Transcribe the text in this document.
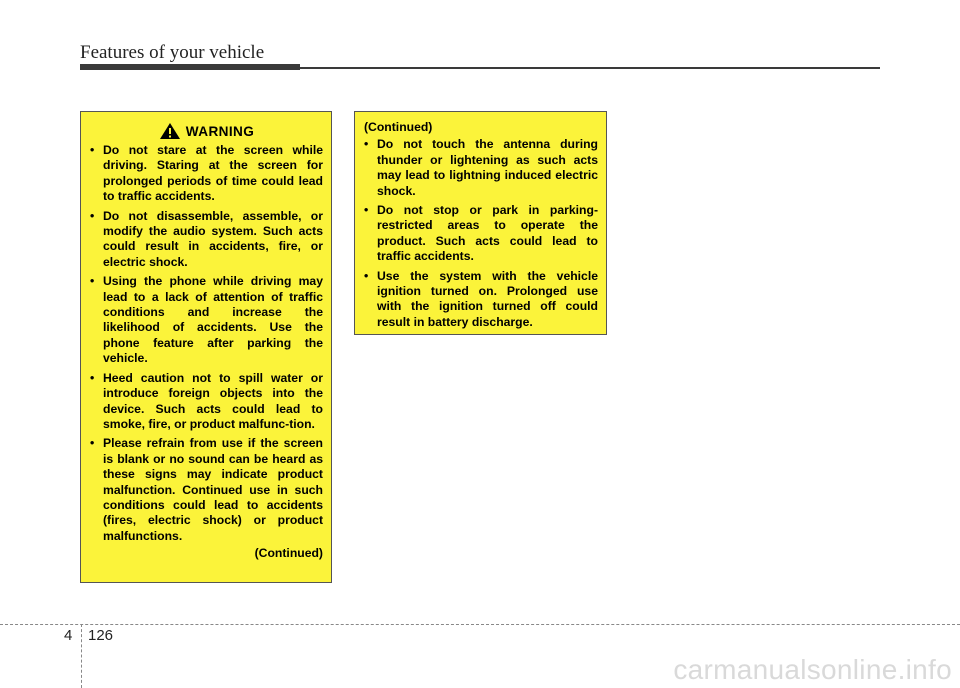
Features of your vehicle
WARNING
• Do not stare at the screen while driving. Staring at the screen for prolonged periods of time could lead to traffic accidents.
• Do not disassemble, assemble, or modify the audio system. Such acts could result in accidents, fire, or electric shock.
• Using the phone while driving may lead to a lack of attention of traffic conditions and increase the likelihood of accidents. Use the phone feature after parking the vehicle.
• Heed caution not to spill water or introduce foreign objects into the device. Such acts could lead to smoke, fire, or product malfunc-tion.
• Please refrain from use if the screen is blank or no sound can be heard as these signs may indicate product malfunction. Continued use in such conditions could lead to accidents (fires, electric shock) or product malfunctions.
(Continued)
(Continued)
• Do not touch the antenna during thunder or lightening as such acts may lead to lightning induced electric shock.
• Do not stop or park in parking-restricted areas to operate the product. Such acts could lead to traffic accidents.
• Use the system with the vehicle ignition turned on. Prolonged use with the ignition turned off could result in battery discharge.
4 126
carmanualsonline.info
